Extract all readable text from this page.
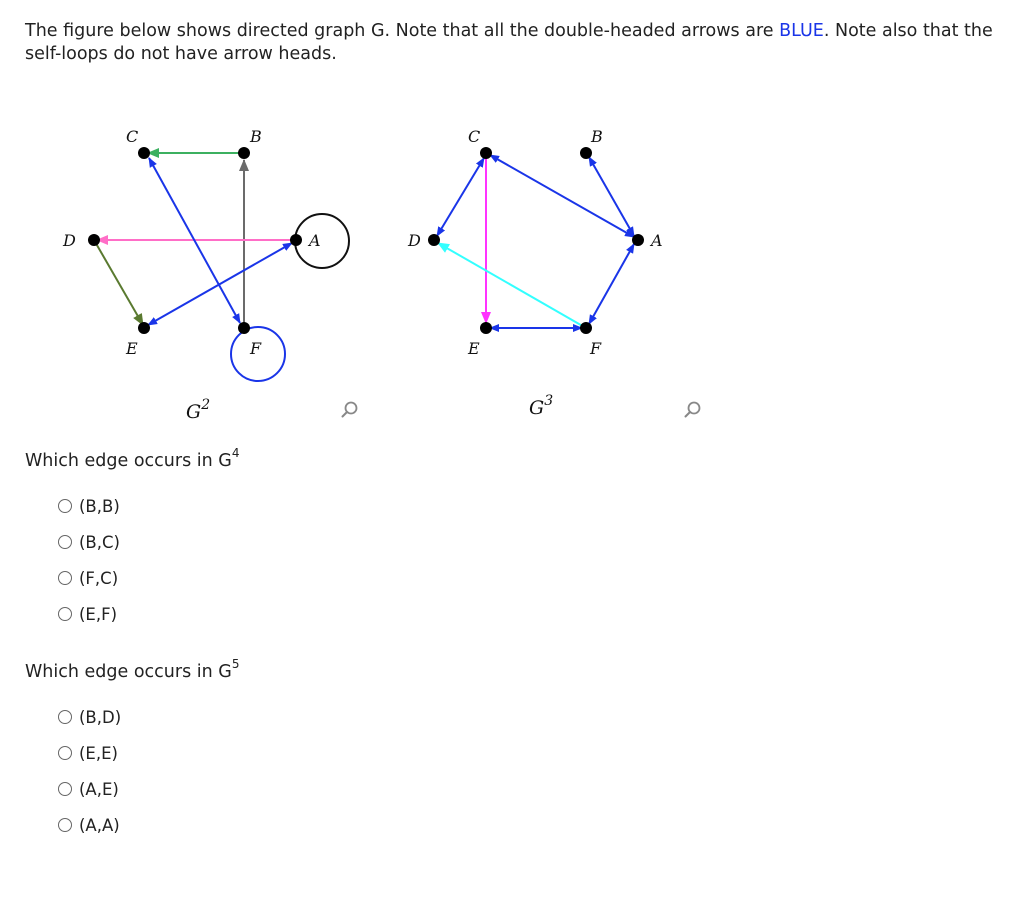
The figure below shows directed graph G. Note that all the double-headed arrows are BLUE. Note also that the self-loops do not have arrow heads.
C	B
D	A
E	F
$G^2$
C	B
D	A
E	F
$G^3$
Which edge occurs in $G^4$
(B,B)
(B,C)
(F,C)
(E,F)
Which edge occurs in $G^5$
(B,D)
(E,E)
(A,E)
(A,A)
